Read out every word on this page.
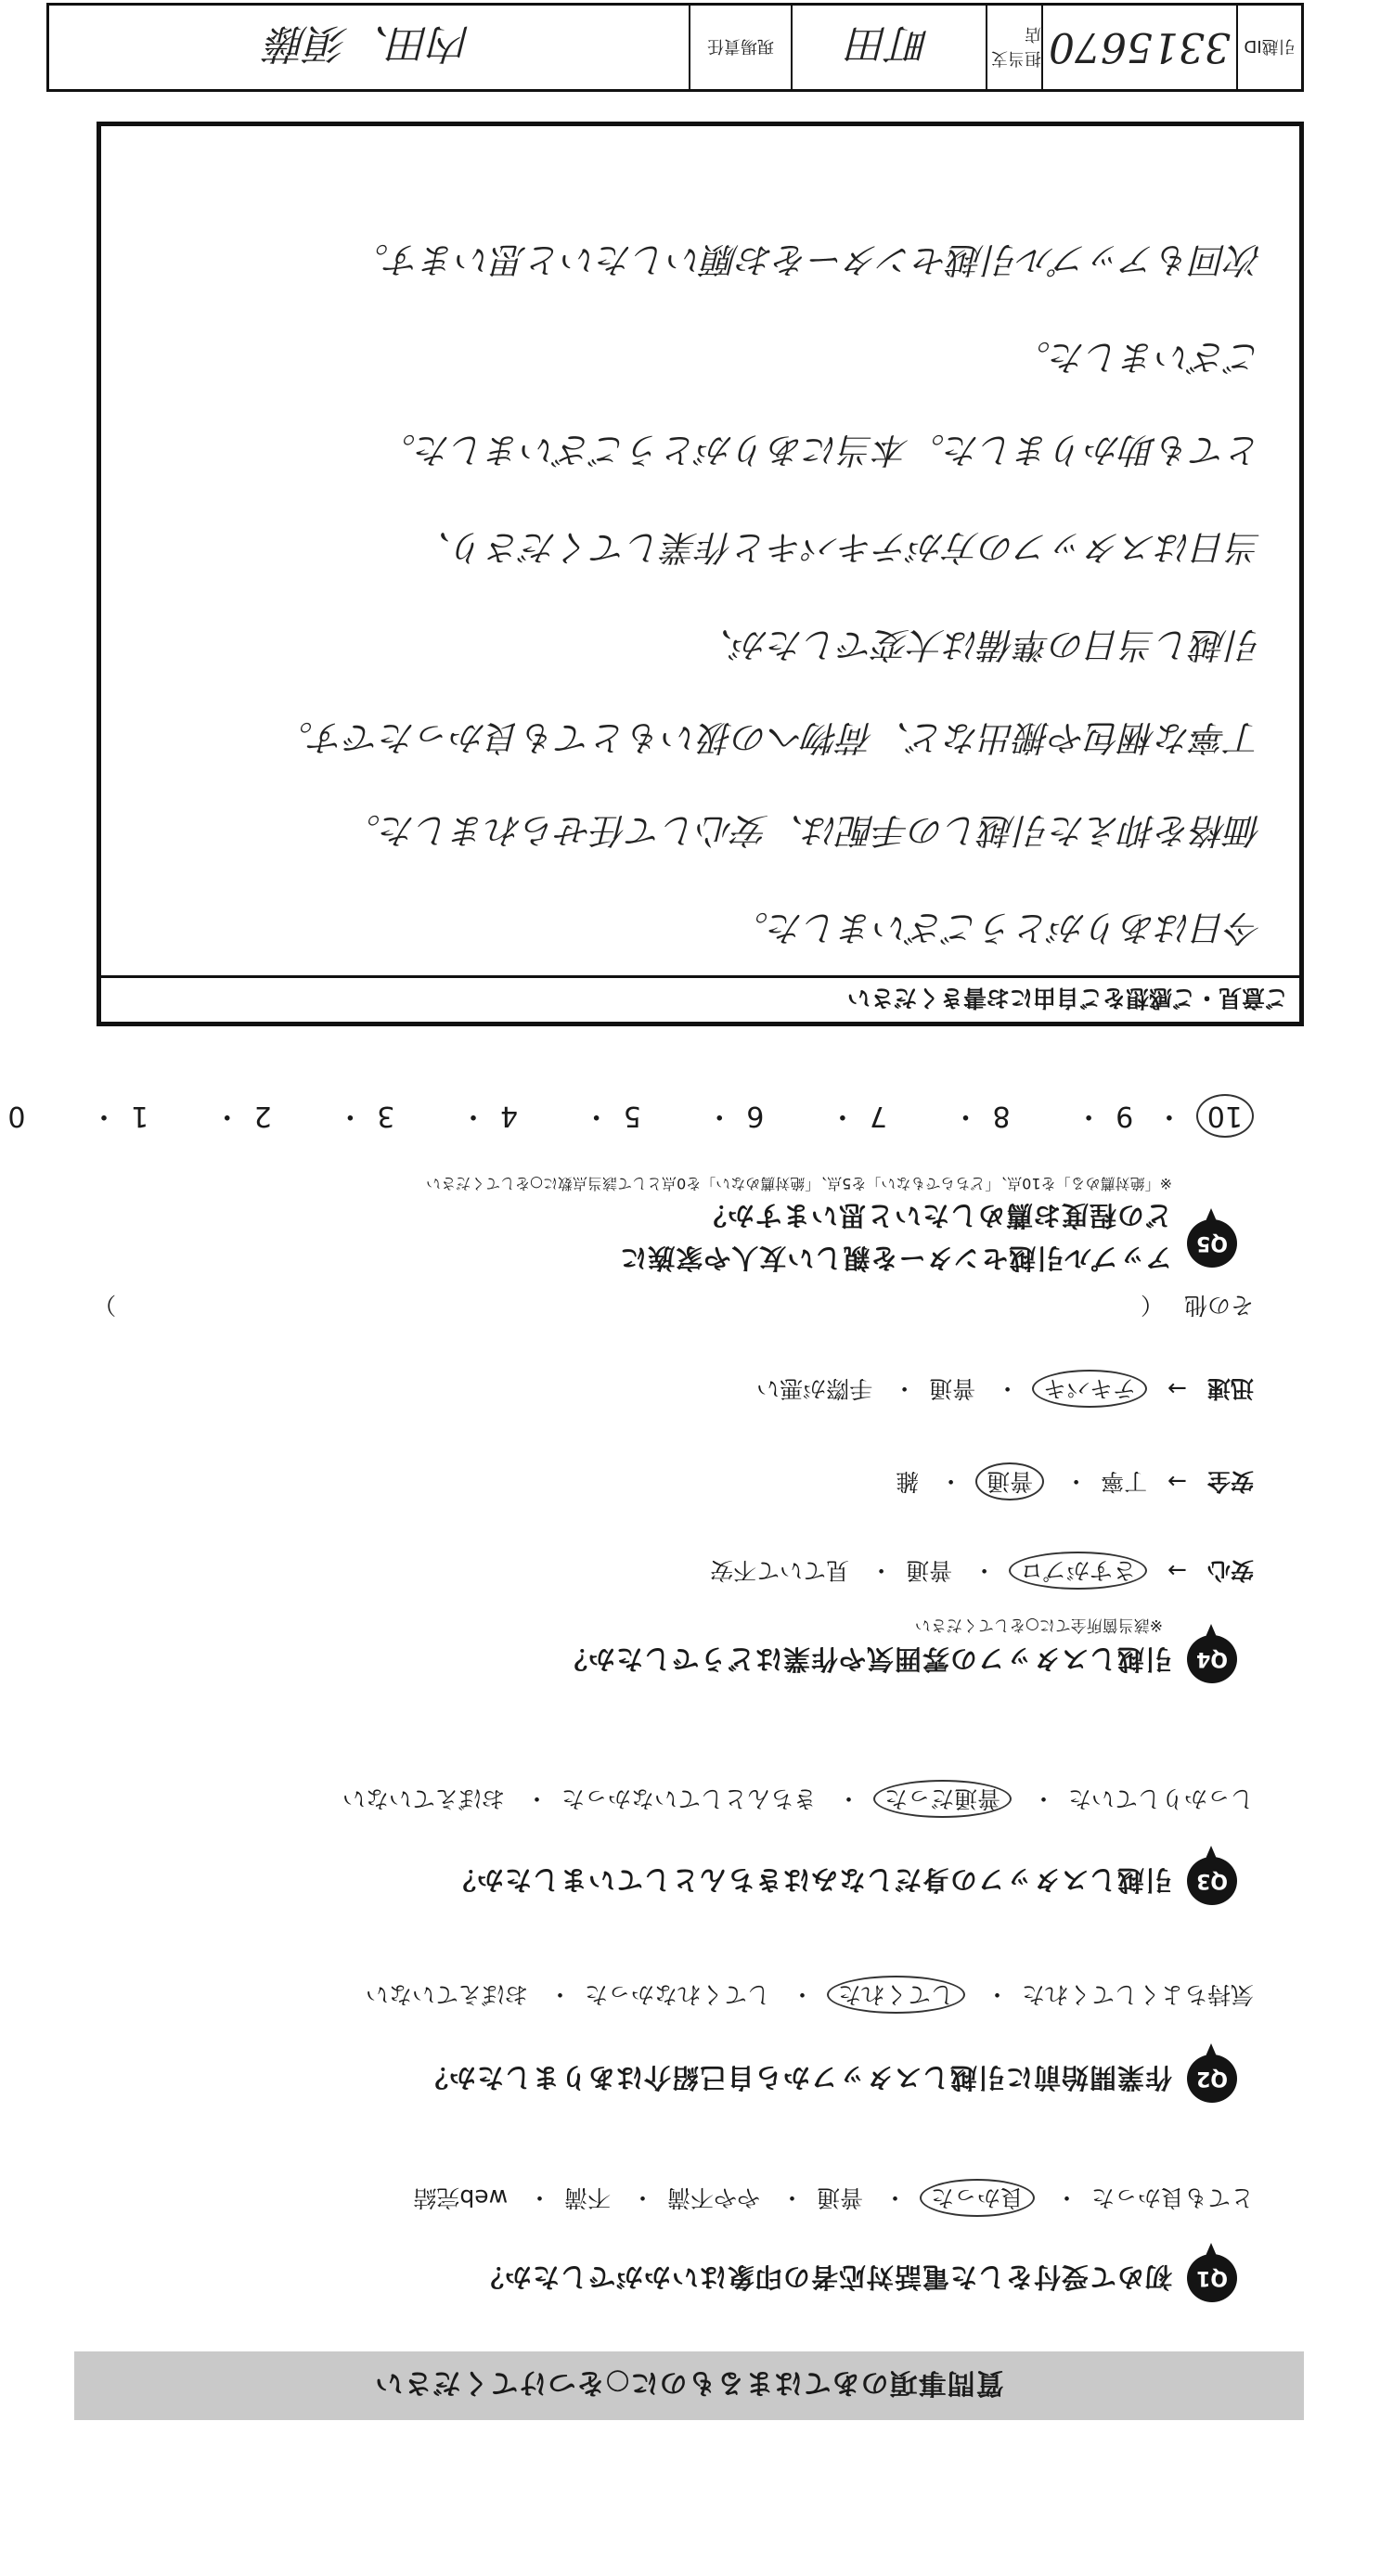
質問事項のあてはまるものに○をつけてください
Q1
初めて受付をした電話対応者の印象はいかがでしたか？
とても良かった・ 良かった・ 普通・ やや不満・ 不満・ web完結
Q2
作業開始前に引越しスタッフから自己紹介はありましたか？
気持ちよくしてくれた・ してくれた・ してくれなかった・ おぼえていない
Q3
引越しスタッフの身だしなみはきちんとしていましたか？
しっかりしていた・ 普通だった・ きちんとしていなかった・ おぼえていない
Q4
引越しスタッフの雰囲気や作業はどうでしたか？
※該当箇所全てに○をしてください
安心 → さすがプロ・ 普通・ 見ていて不安
安全 → 丁寧・ 普通・ 雑
迅速 → テキパキ・ 普通・ 手際が悪い
その他 （  ）
Q5
アップル引越センターを親しい友人や家族に
どの程度お薦めしたいと思いますか？
※「絶対薦める」を10点、「どちらでもない」を5点、「絶対薦めない」を0点として該当点数に○をしてください
10・ 9・ 8・ 7・ 6・ 5・ 4・ 3・ 2・ 1・ 0
ご意見・ご感想をご自由にお書きください
今日はありがとうございました。
価格を抑えた引越しの手配は、安心して任せられました。
丁寧な梱包や搬出など、荷物への扱いもとても良かったです。
引越し当日の準備は大変でしたが、
当日はスタッフの方がテキパキと作業してくださり、
とても助かりました。本当にありがとうございました。
ございました。
次回もアップル引越センターをお願いしたいと思います。
引越ID
3315670
担当支店
町田
現場責任
内田、須藤
